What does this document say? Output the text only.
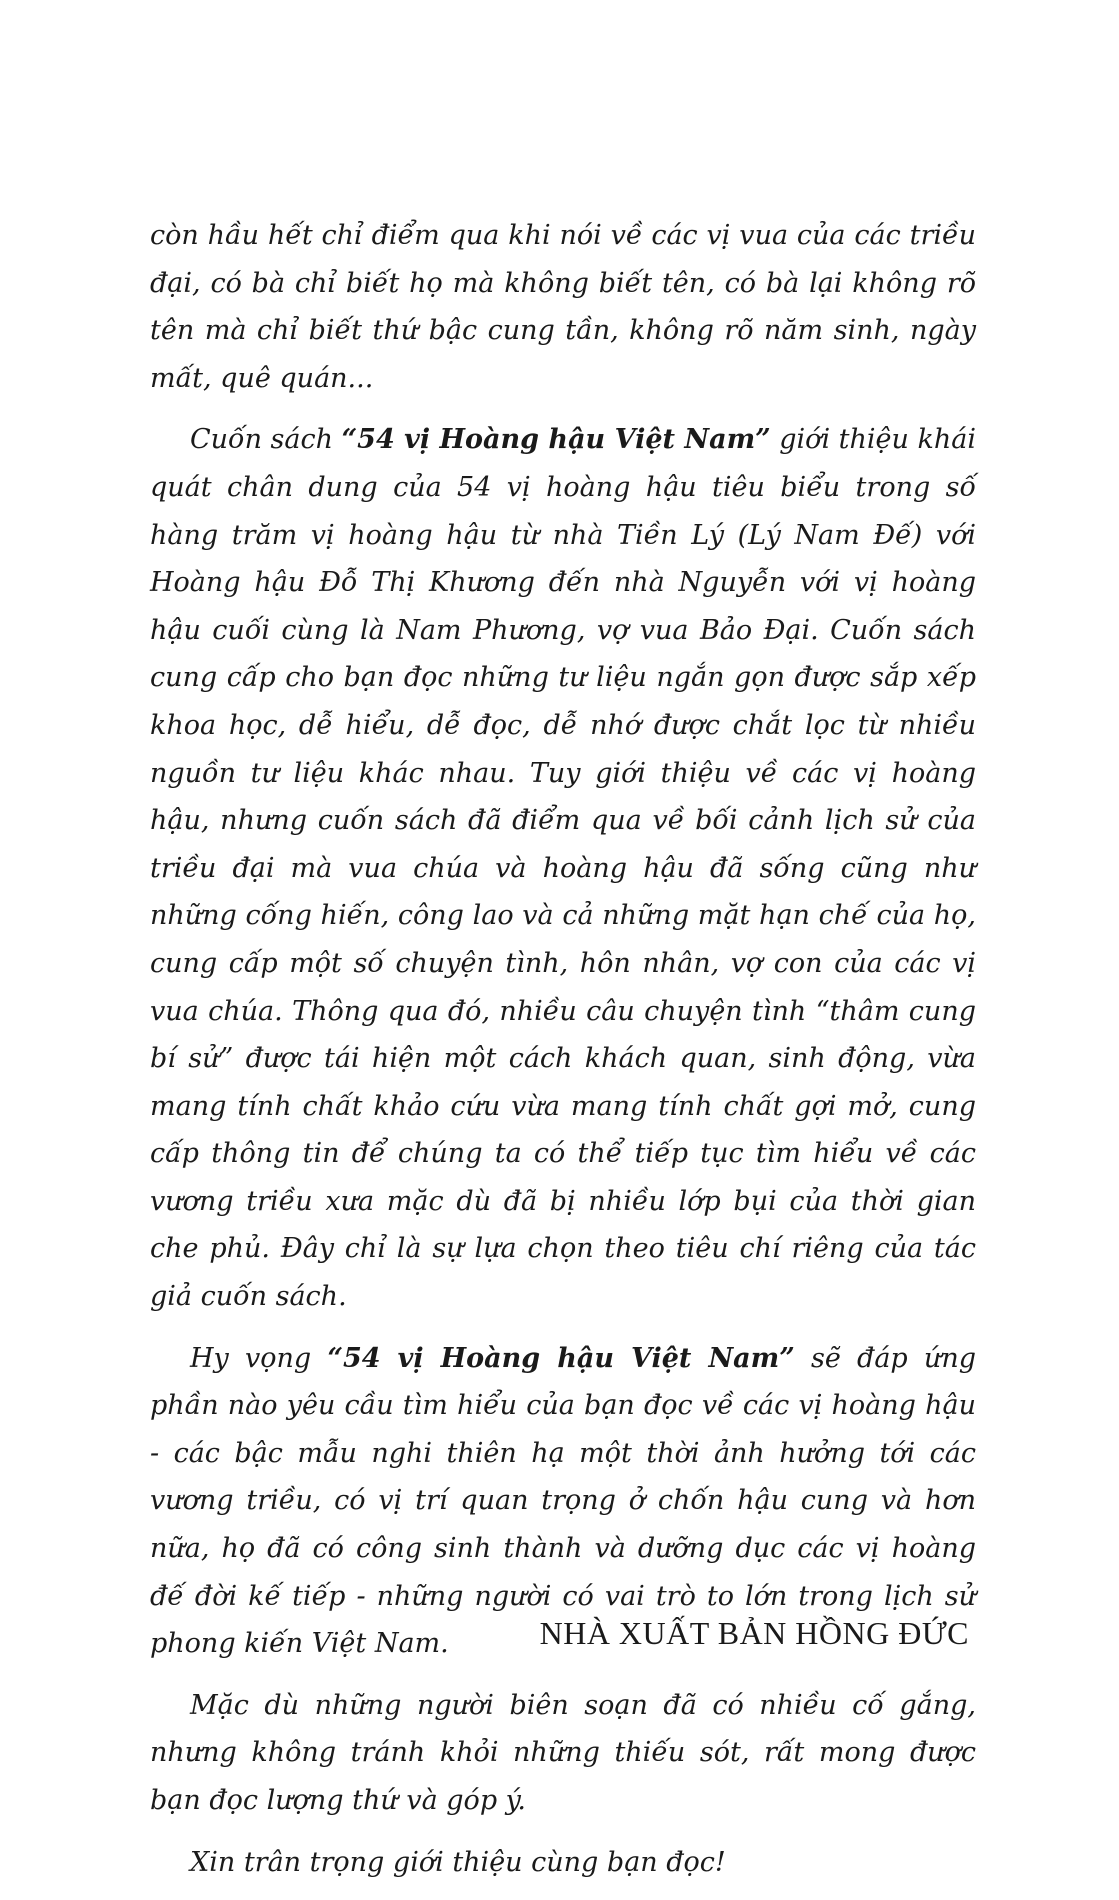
còn hầu hết chỉ điểm qua khi nói về các vị vua của các triều đại, có bà chỉ biết họ mà không biết tên, có bà lại không rõ tên mà chỉ biết thứ bậc cung tần, không rõ năm sinh, ngày mất, quê quán...

Cuốn sách “54 vị Hoàng hậu Việt Nam” giới thiệu khái quát chân dung của 54 vị hoàng hậu tiêu biểu trong số hàng trăm vị hoàng hậu từ nhà Tiền Lý (Lý Nam Đế) với Hoàng hậu Đỗ Thị Khương đến nhà Nguyễn với vị hoàng hậu cuối cùng là Nam Phương, vợ vua Bảo Đại. Cuốn sách cung cấp cho bạn đọc những tư liệu ngắn gọn được sắp xếp khoa học, dễ hiểu, dễ đọc, dễ nhớ được chắt lọc từ nhiều nguồn tư liệu khác nhau. Tuy giới thiệu về các vị hoàng hậu, nhưng cuốn sách đã điểm qua về bối cảnh lịch sử của triều đại mà vua chúa và hoàng hậu đã sống cũng như những cống hiến, công lao và cả những mặt hạn chế của họ, cung cấp một số chuyện tình, hôn nhân, vợ con của các vị vua chúa. Thông qua đó, nhiều câu chuyện tình “thâm cung bí sử” được tái hiện một cách khách quan, sinh động, vừa mang tính chất khảo cứu vừa mang tính chất gợi mở, cung cấp thông tin để chúng ta có thể tiếp tục tìm hiểu về các vương triều xưa mặc dù đã bị nhiều lớp bụi của thời gian che phủ. Đây chỉ là sự lựa chọn theo tiêu chí riêng của tác giả cuốn sách.

Hy vọng “54 vị Hoàng hậu Việt Nam” sẽ đáp ứng phần nào yêu cầu tìm hiểu của bạn đọc về các vị hoàng hậu - các bậc mẫu nghi thiên hạ một thời ảnh hưởng tới các vương triều, có vị trí quan trọng ở chốn hậu cung và hơn nữa, họ đã có công sinh thành và dưỡng dục các vị hoàng đế đời kế tiếp - những người có vai trò to lớn trong lịch sử phong kiến Việt Nam.

Mặc dù những người biên soạn đã có nhiều cố gắng, nhưng không tránh khỏi những thiếu sót, rất mong được bạn đọc lượng thứ và góp ý.

Xin trân trọng giới thiệu cùng bạn đọc!

NHÀ XUẤT BẢN HỒNG ĐỨC
